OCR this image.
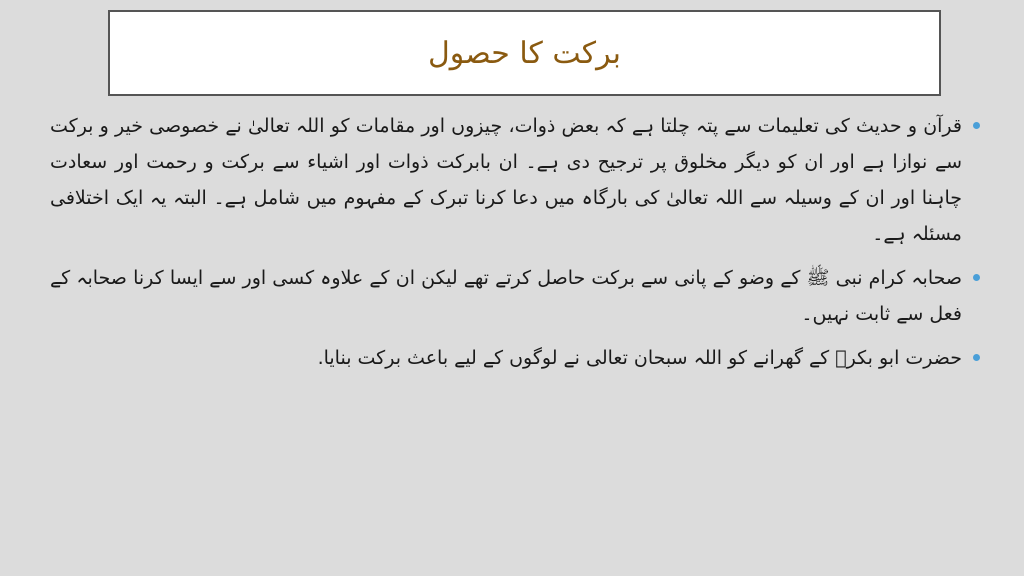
برکت کا حصول
قرآن و حدیث کی تعلیمات سے پتہ چلتا ہے کہ بعض ذوات، چیزوں اور مقامات کو اللہ تعالیٰ نے خصوصی خیر و برکت سے نوازا ہے اور ان کو دیگر مخلوق پر ترجیح دی ہے۔ ان بابرکت ذوات اور اشیاء سے برکت و رحمت اور سعادت چاہنا اور ان کے وسیلہ سے اللہ تعالیٰ کی بارگاہ میں دعا کرنا تبرک کے مفہوم میں شامل ہے۔ البتہ یہ ایک اختلافی مسئلہ ہے۔
صحابہ کرام نبی ﷺ کے وضو کے پانی سے برکت حاصل کرتے تھے لیکن ان کے علاوہ کسی اور سے ایسا کرنا صحابہ کے فعل سے ثابت نہیں۔
حضرت ابو بکرؓ کے گھرانے کو اللہ سبحان تعالی نے لوگوں کے لیے باعث برکت بنایا.
